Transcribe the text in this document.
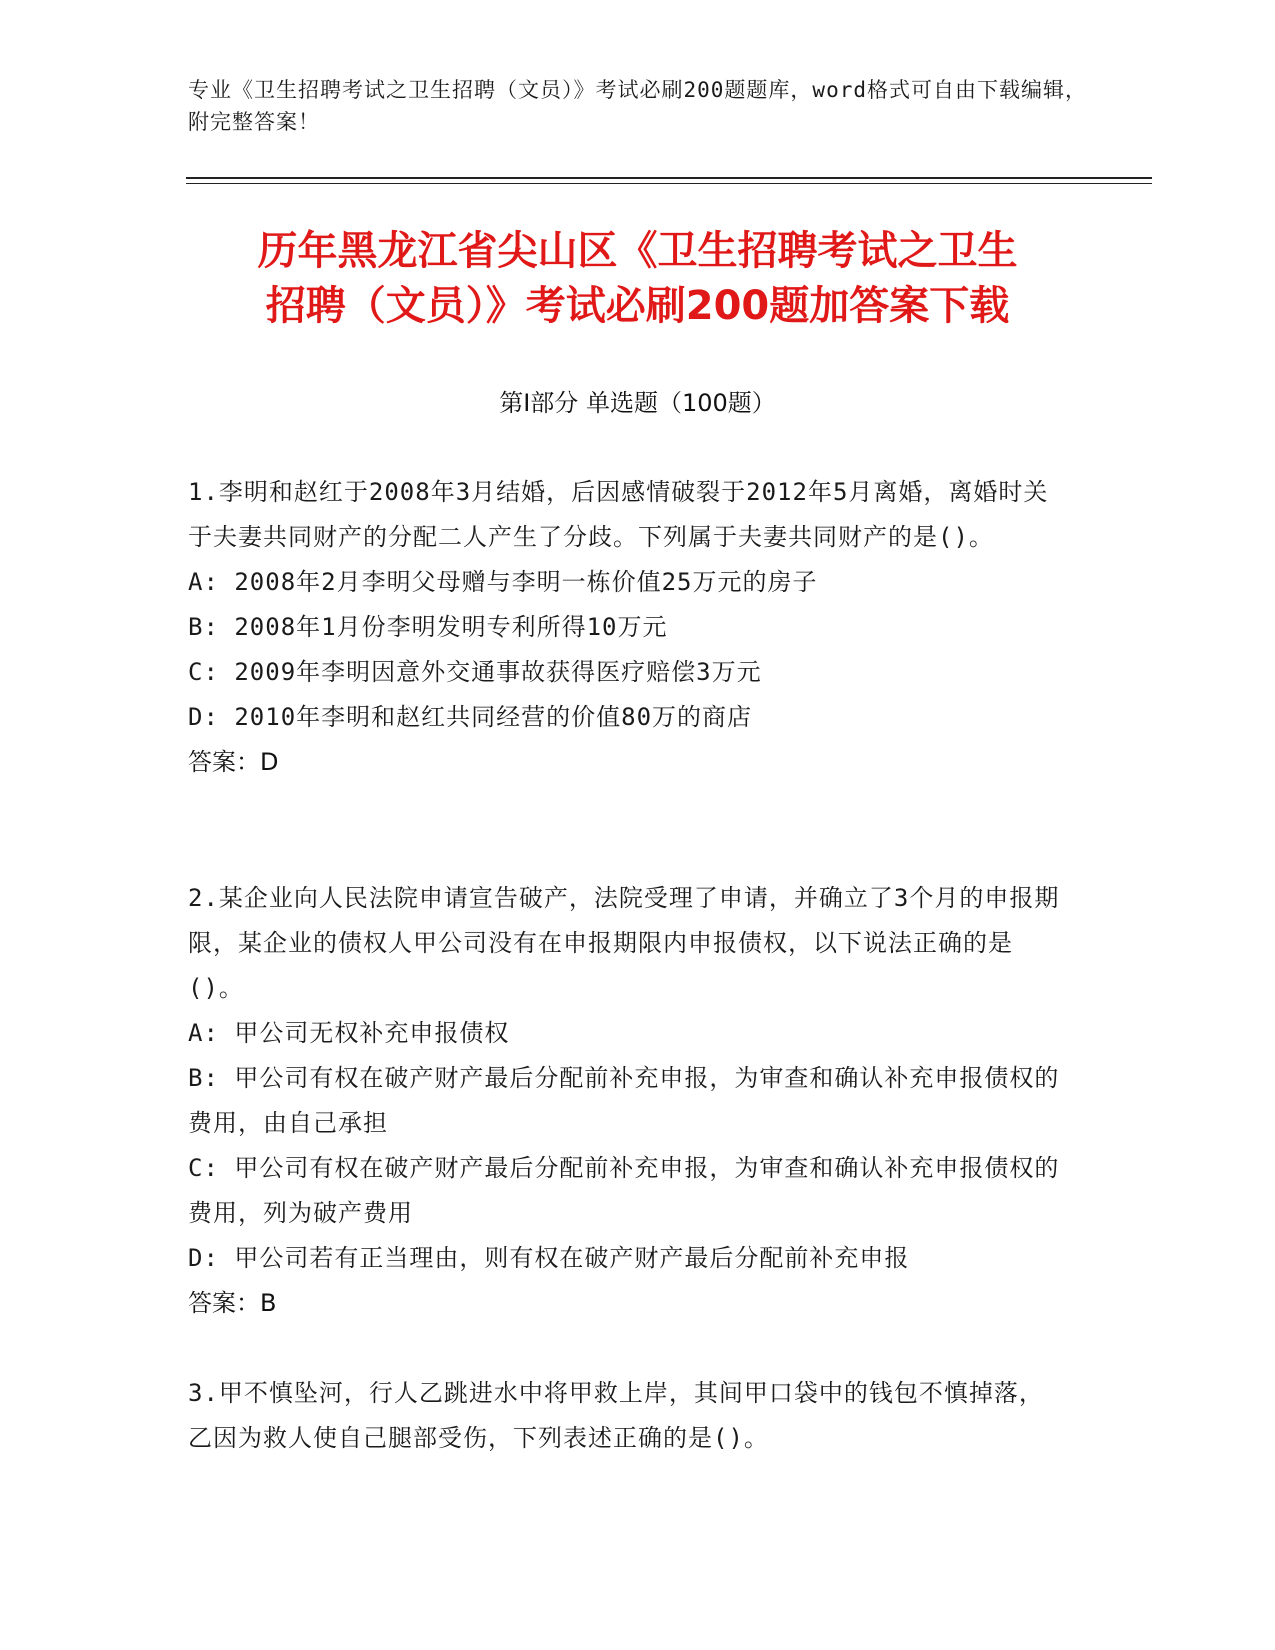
专业《卫生招聘考试之卫生招聘（文员）》考试必刷200题题库，word格式可自由下载编辑，附完整答案！
历年黑龙江省尖山区《卫生招聘考试之卫生
招聘（文员）》考试必刷200题加答案下载
第I部分 单选题（100题）
1.李明和赵红于2008年3月结婚，后因感情破裂于2012年5月离婚，离婚时关于夫妻共同财产的分配二人产生了分歧。下列属于夫妻共同财产的是()。
A: 2008年2月李明父母赠与李明一栋价值25万元的房子
B: 2008年1月份李明发明专利所得10万元
C: 2009年李明因意外交通事故获得医疗赔偿3万元
D: 2010年李明和赵红共同经营的价值80万的商店
答案：D
2.某企业向人民法院申请宣告破产，法院受理了申请，并确立了3个月的申报期限，某企业的债权人甲公司没有在申报期限内申报债权，以下说法正确的是()。
A: 甲公司无权补充申报债权
B: 甲公司有权在破产财产最后分配前补充申报，为审查和确认补充申报债权的费用，由自己承担
C: 甲公司有权在破产财产最后分配前补充申报，为审查和确认补充申报债权的费用，列为破产费用
D: 甲公司若有正当理由，则有权在破产财产最后分配前补充申报
答案：B
3.甲不慎坠河，行人乙跳进水中将甲救上岸，其间甲口袋中的钱包不慎掉落，乙因为救人使自己腿部受伤，下列表述正确的是()。
